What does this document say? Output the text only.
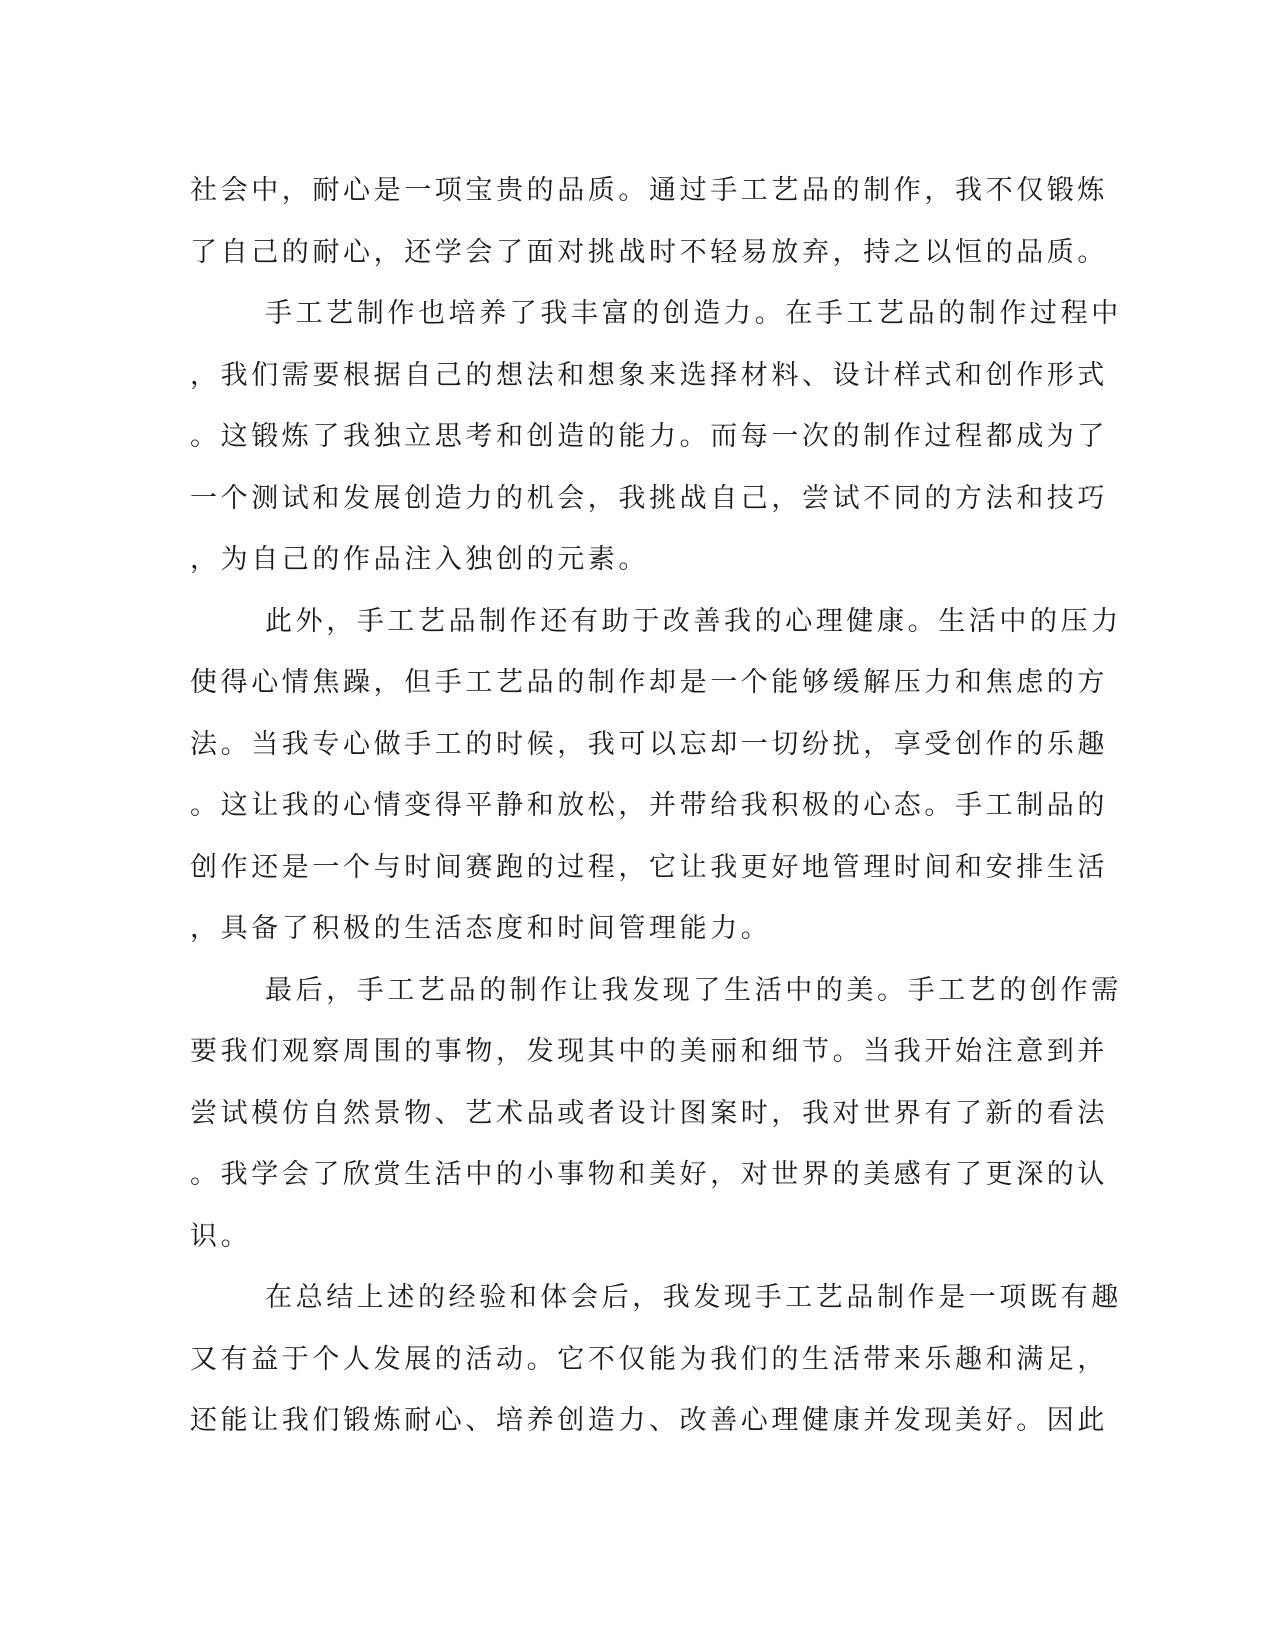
社会中，耐心是一项宝贵的品质。通过手工艺品的制作，我不仅锻炼
了自己的耐心，还学会了面对挑战时不轻易放弃，持之以恒的品质。
手工艺制作也培养了我丰富的创造力。在手工艺品的制作过程中
，我们需要根据自己的想法和想象来选择材料、设计样式和创作形式
。这锻炼了我独立思考和创造的能力。而每一次的制作过程都成为了
一个测试和发展创造力的机会，我挑战自己，尝试不同的方法和技巧
，为自己的作品注入独创的元素。
此外，手工艺品制作还有助于改善我的心理健康。生活中的压力
使得心情焦躁，但手工艺品的制作却是一个能够缓解压力和焦虑的方
法。当我专心做手工的时候，我可以忘却一切纷扰，享受创作的乐趣
。这让我的心情变得平静和放松，并带给我积极的心态。手工制品的
创作还是一个与时间赛跑的过程，它让我更好地管理时间和安排生活
，具备了积极的生活态度和时间管理能力。
最后，手工艺品的制作让我发现了生活中的美。手工艺的创作需
要我们观察周围的事物，发现其中的美丽和细节。当我开始注意到并
尝试模仿自然景物、艺术品或者设计图案时，我对世界有了新的看法
。我学会了欣赏生活中的小事物和美好，对世界的美感有了更深的认
识。
在总结上述的经验和体会后，我发现手工艺品制作是一项既有趣
又有益于个人发展的活动。它不仅能为我们的生活带来乐趣和满足，
还能让我们锻炼耐心、培养创造力、改善心理健康并发现美好。因此
